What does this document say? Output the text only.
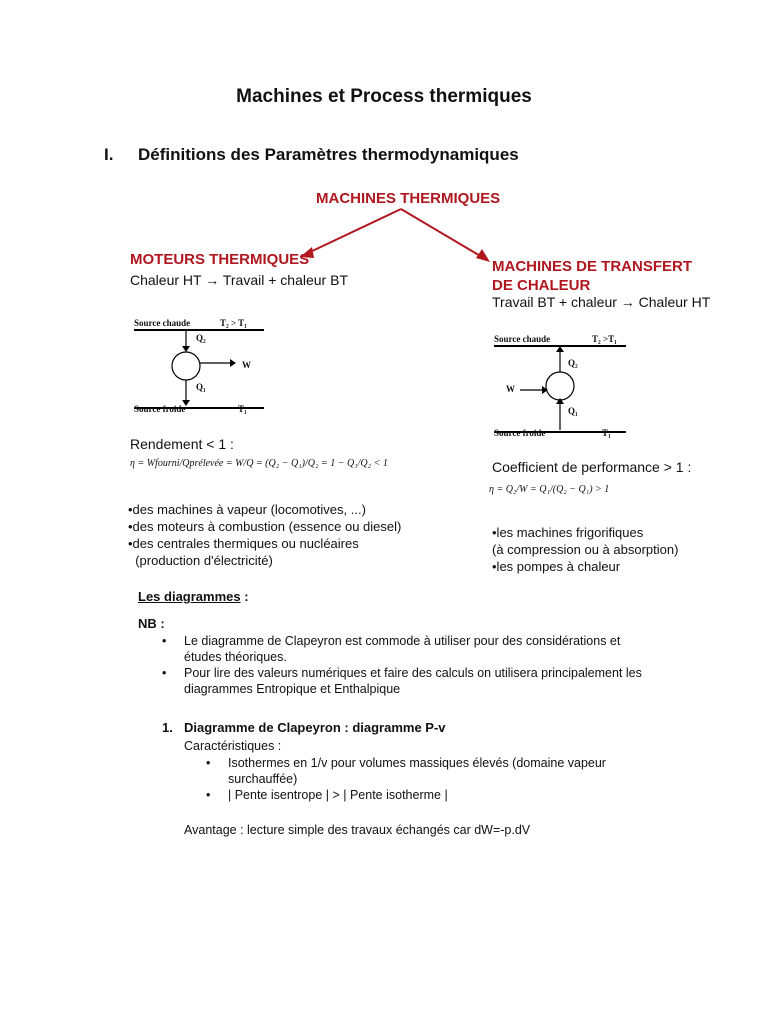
Machines et Process thermiques
I. Définitions des Paramètres thermodynamiques
MACHINES THERMIQUES
MOTEURS THERMIQUES
Chaleur HT → Travail + chaleur BT
Source chaude	T₂ > T₁
Q₂
W
Q₁
Source froide	T₁
Rendement < 1 :
η = Wfourni/Qprélevée = W/Q = (Q₂ − Q₁)/Q₂ = 1 − Q₁/Q₂ < 1
•des machines à vapeur (locomotives, ...)
•des moteurs à combustion (essence ou diesel)
•des centrales thermiques ou nucléaires
(production d'électricité)
MACHINES DE TRANSFERT
DE CHALEUR
Travail BT + chaleur → Chaleur HT
Source chaude	T₂ >T₁
Q₂
W
Q₁
Source froide	T₁
Coefficient de performance > 1 :
η = Q₂/W = Q₁/(Q₂ − Q₁) > 1
•les machines frigorifiques
(à compression ou à absorption)
•les pompes à chaleur
Les diagrammes :
NB :
• Le diagramme de Clapeyron est commode à utiliser pour des considérations et
études théoriques.
• Pour lire des valeurs numériques et faire des calculs on utilisera principalement les
diagrammes Entropique et Enthalpique
1. Diagramme de Clapeyron : diagramme P-v
Caractéristiques :
• Isothermes en 1/v pour volumes massiques élevés (domaine vapeur
surchauffée)
• | Pente isentrope | > | Pente isotherme |
Avantage : lecture simple des travaux échangés car dW=-p.dV
